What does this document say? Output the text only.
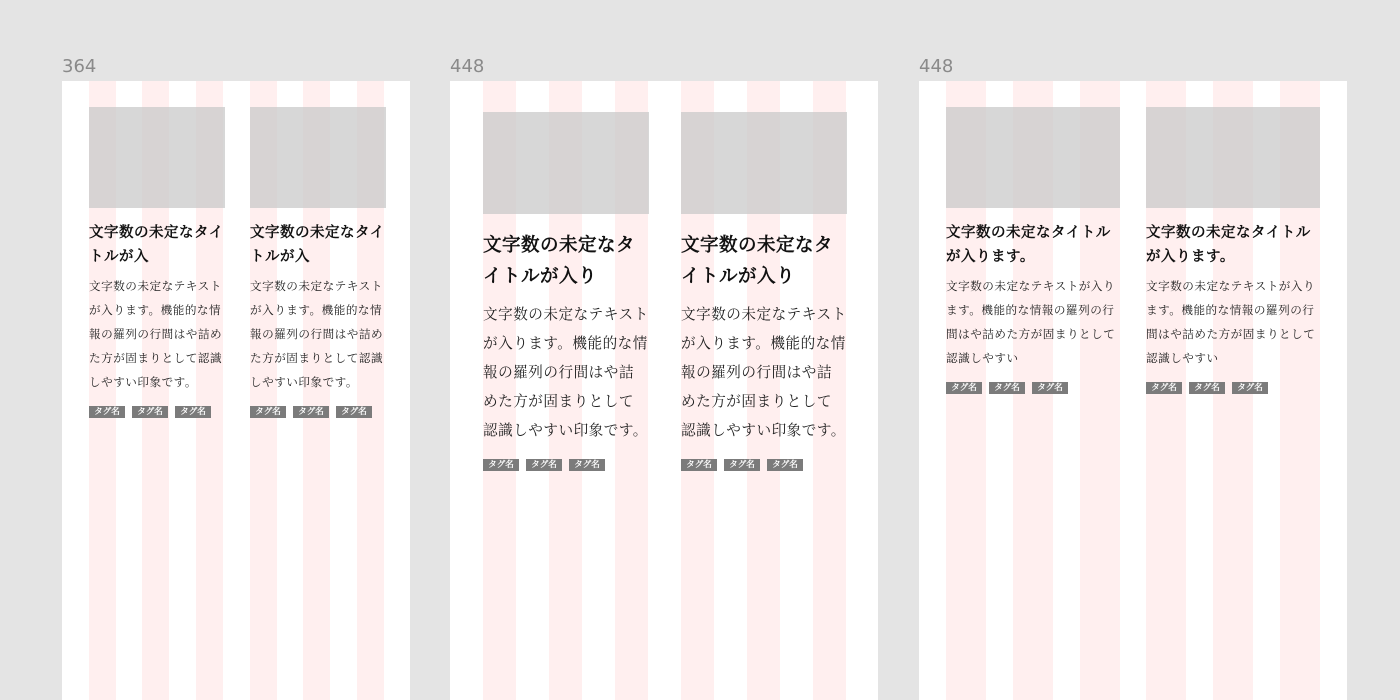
364

文字数の未定なタイトルが入

文字数の未定なテキストが入ります。機能的な情報の羅列の行間はや詰めた方が固まりとして認識しやすい印象です。

タグ名	タグ名	タグ名

文字数の未定なタイトルが入

文字数の未定なテキストが入ります。機能的な情報の羅列の行間はや詰めた方が固まりとして認識しやすい印象です。

タグ名	タグ名	タグ名
448

文字数の未定なタイトルが入り

文字数の未定なテキストが入ります。機能的な情報の羅列の行間はや詰めた方が固まりとして認識しやすい印象です。

タグ名	タグ名	タグ名

文字数の未定なタイトルが入り

文字数の未定なテキストが入ります。機能的な情報の羅列の行間はや詰めた方が固まりとして認識しやすい印象です。

タグ名	タグ名	タグ名
448

文字数の未定なタイトルが入ります。

文字数の未定なテキストが入ります。機能的な情報の羅列の行間はや詰めた方が固まりとして認識しやすい

タグ名	タグ名	タグ名

文字数の未定なタイトルが入ります。

文字数の未定なテキストが入ります。機能的な情報の羅列の行間はや詰めた方が固まりとして認識しやすい

タグ名	タグ名	タグ名
